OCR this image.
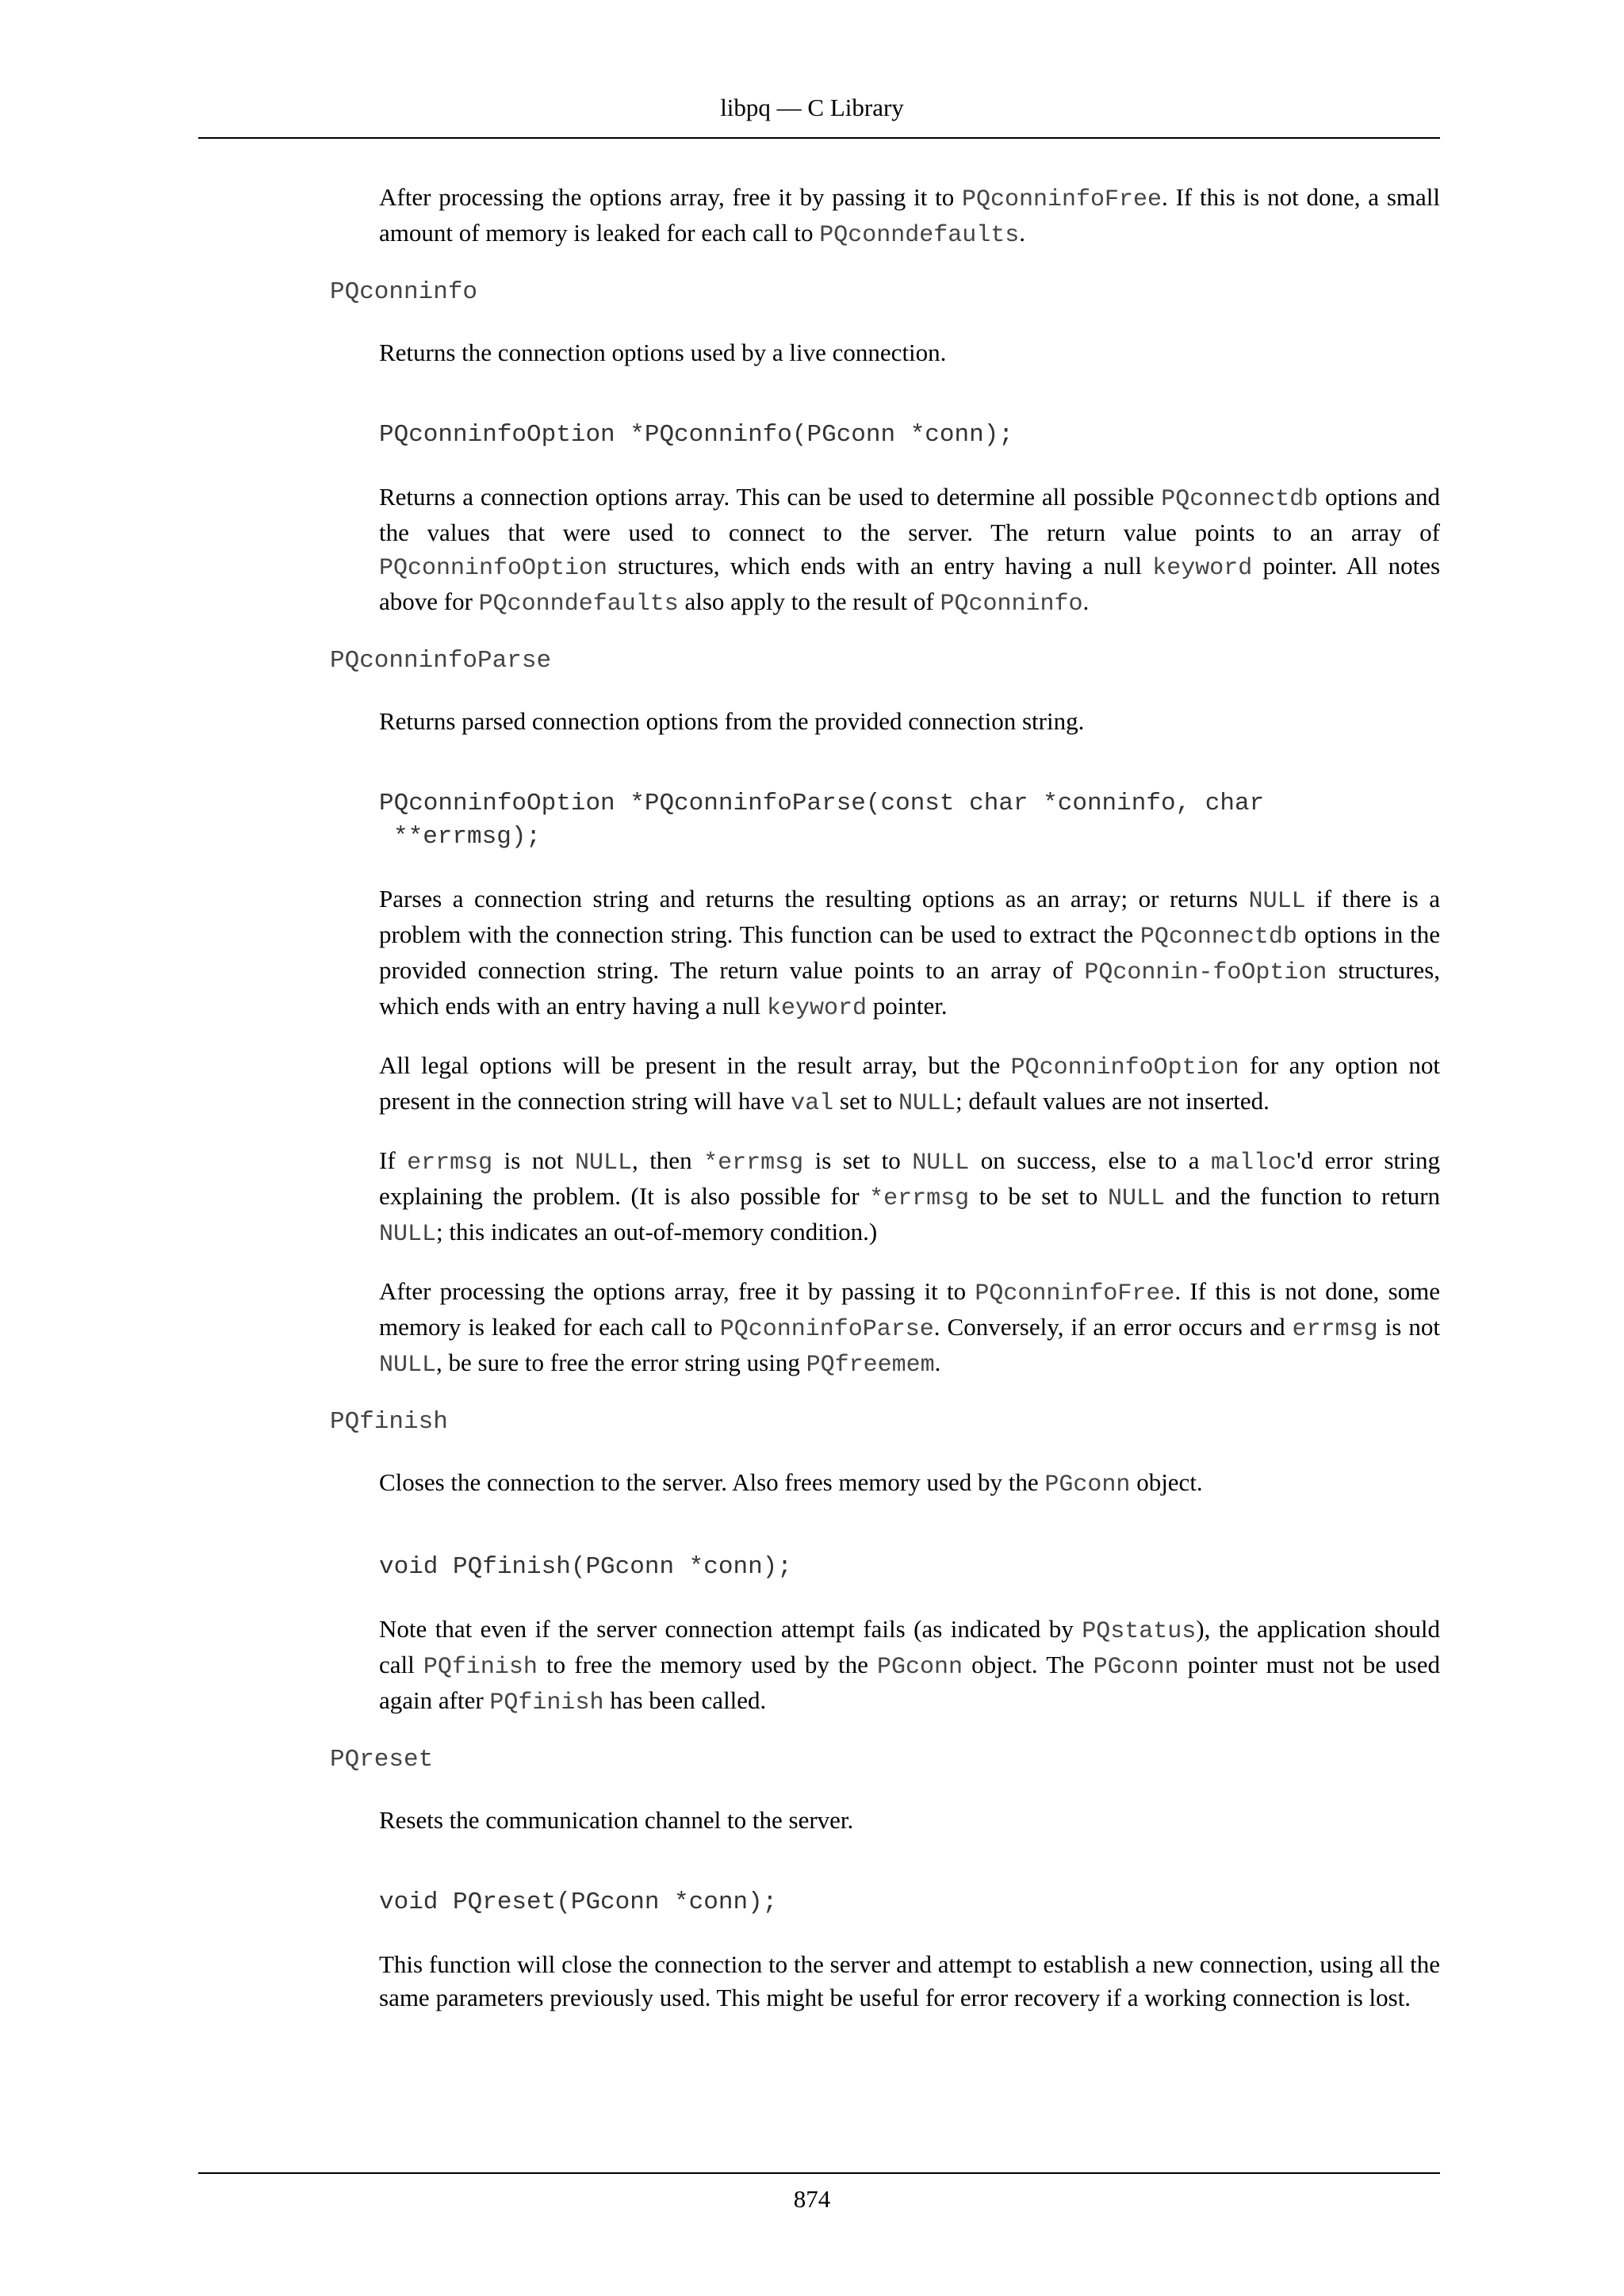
libpq — C Library

After processing the options array, free it by passing it to PQconninfoFree. If this is not done, a small amount of memory is leaked for each call to PQconndefaults.

PQconninfo

Returns the connection options used by a live connection.

PQconninfoOption *PQconninfo(PGconn *conn);

Returns a connection options array. This can be used to determine all possible PQconnectdb options and the values that were used to connect to the server. The return value points to an array of PQconninfoOption structures, which ends with an entry having a null keyword pointer. All notes above for PQconndefaults also apply to the result of PQconninfo.

PQconninfoParse

Returns parsed connection options from the provided connection string.

PQconninfoOption *PQconninfoParse(const char *conninfo, char
**errmsg);

Parses a connection string and returns the resulting options as an array; or returns NULL if there is a problem with the connection string. This function can be used to extract the PQconnectdb options in the provided connection string. The return value points to an array of PQconnin-foOption structures, which ends with an entry having a null keyword pointer.

All legal options will be present in the result array, but the PQconninfoOption for any option not present in the connection string will have val set to NULL; default values are not inserted.

If errmsg is not NULL, then *errmsg is set to NULL on success, else to a malloc'd error string explaining the problem. (It is also possible for *errmsg to be set to NULL and the function to return NULL; this indicates an out-of-memory condition.)

After processing the options array, free it by passing it to PQconninfoFree. If this is not done, some memory is leaked for each call to PQconninfoParse. Conversely, if an error occurs and errmsg is not NULL, be sure to free the error string using PQfreemem.

PQfinish

Closes the connection to the server. Also frees memory used by the PGconn object.

void PQfinish(PGconn *conn);

Note that even if the server connection attempt fails (as indicated by PQstatus), the application should call PQfinish to free the memory used by the PGconn object. The PGconn pointer must not be used again after PQfinish has been called.

PQreset

Resets the communication channel to the server.

void PQreset(PGconn *conn);

This function will close the connection to the server and attempt to establish a new connection, using all the same parameters previously used. This might be useful for error recovery if a working connection is lost.

874
